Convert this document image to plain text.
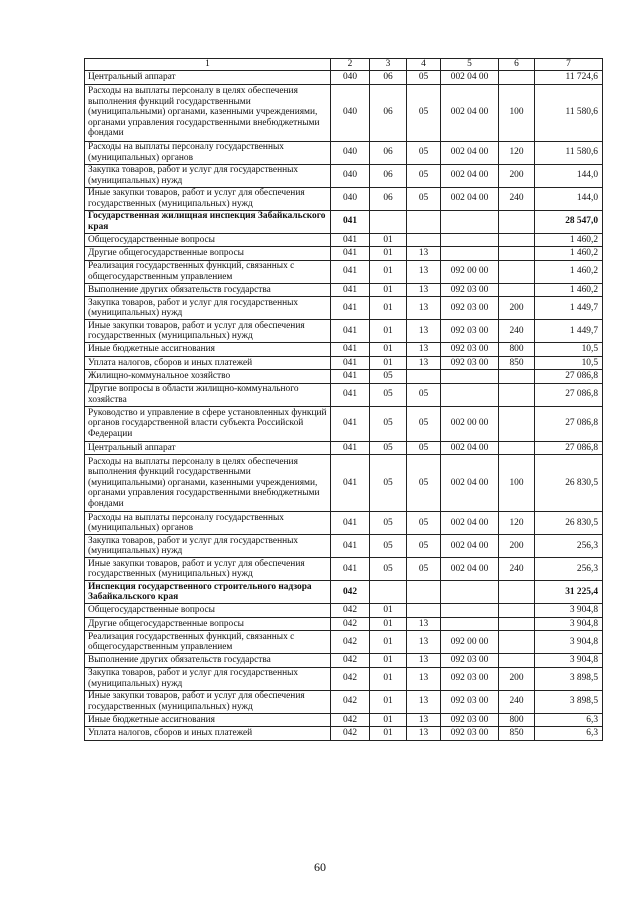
1	2	3	4	5	6	7
Центральный аппарат	040	06	05	002 04 00		11 724,6
Расходы на выплаты персоналу в целях обеспечения выполнения функций государственными (муниципальными) органами, казенными учреждениями, органами управления государственными внебюджетными фондами	040	06	05	002 04 00	100	11 580,6
Расходы на выплаты персоналу государственных (муниципальных) органов	040	06	05	002 04 00	120	11 580,6
Закупка товаров, работ и услуг для государственных (муниципальных) нужд	040	06	05	002 04 00	200	144,0
Иные закупки товаров, работ и услуг для обеспечения государственных (муниципальных) нужд	040	06	05	002 04 00	240	144,0
Государственная жилищная инспекция Забайкальского края	041					28 547,0
Общегосударственные вопросы	041	01				1 460,2
Другие общегосударственные вопросы	041	01	13			1 460,2
Реализация государственных функций, связанных с общегосударственным управлением	041	01	13	092 00 00		1 460,2
Выполнение других обязательств государства	041	01	13	092 03 00		1 460,2
Закупка товаров, работ и услуг для государственных (муниципальных) нужд	041	01	13	092 03 00	200	1 449,7
Иные закупки товаров, работ и услуг для обеспечения государственных (муниципальных) нужд	041	01	13	092 03 00	240	1 449,7
Иные бюджетные ассигнования	041	01	13	092 03 00	800	10,5
Уплата налогов, сборов и иных платежей	041	01	13	092 03 00	850	10,5
Жилищно-коммунальное хозяйство	041	05				27 086,8
Другие вопросы в области жилищно-коммунального хозяйства	041	05	05			27 086,8
Руководство и управление в сфере установленных функций органов государственной власти субъекта Российской Федерации	041	05	05	002 00 00		27 086,8
Центральный аппарат	041	05	05	002 04 00		27 086,8
Расходы на выплаты персоналу в целях обеспечения выполнения функций государственными (муниципальными) органами, казенными учреждениями, органами управления государственными внебюджетными фондами	041	05	05	002 04 00	100	26 830,5
Расходы на выплаты персоналу государственных (муниципальных) органов	041	05	05	002 04 00	120	26 830,5
Закупка товаров, работ и услуг для государственных (муниципальных) нужд	041	05	05	002 04 00	200	256,3
Иные закупки товаров, работ и услуг для обеспечения государственных (муниципальных) нужд	041	05	05	002 04 00	240	256,3
Инспекция государственного строительного надзора Забайкальского края	042					31 225,4
Общегосударственные вопросы	042	01				3 904,8
Другие общегосударственные вопросы	042	01	13			3 904,8
Реализация государственных функций, связанных с общегосударственным управлением	042	01	13	092 00 00		3 904,8
Выполнение других обязательств государства	042	01	13	092 03 00		3 904,8
Закупка товаров, работ и услуг для государственных (муниципальных) нужд	042	01	13	092 03 00	200	3 898,5
Иные закупки товаров, работ и услуг для обеспечения государственных (муниципальных) нужд	042	01	13	092 03 00	240	3 898,5
Иные бюджетные ассигнования	042	01	13	092 03 00	800	6,3
Уплата налогов, сборов и иных платежей	042	01	13	092 03 00	850	6,3
60
